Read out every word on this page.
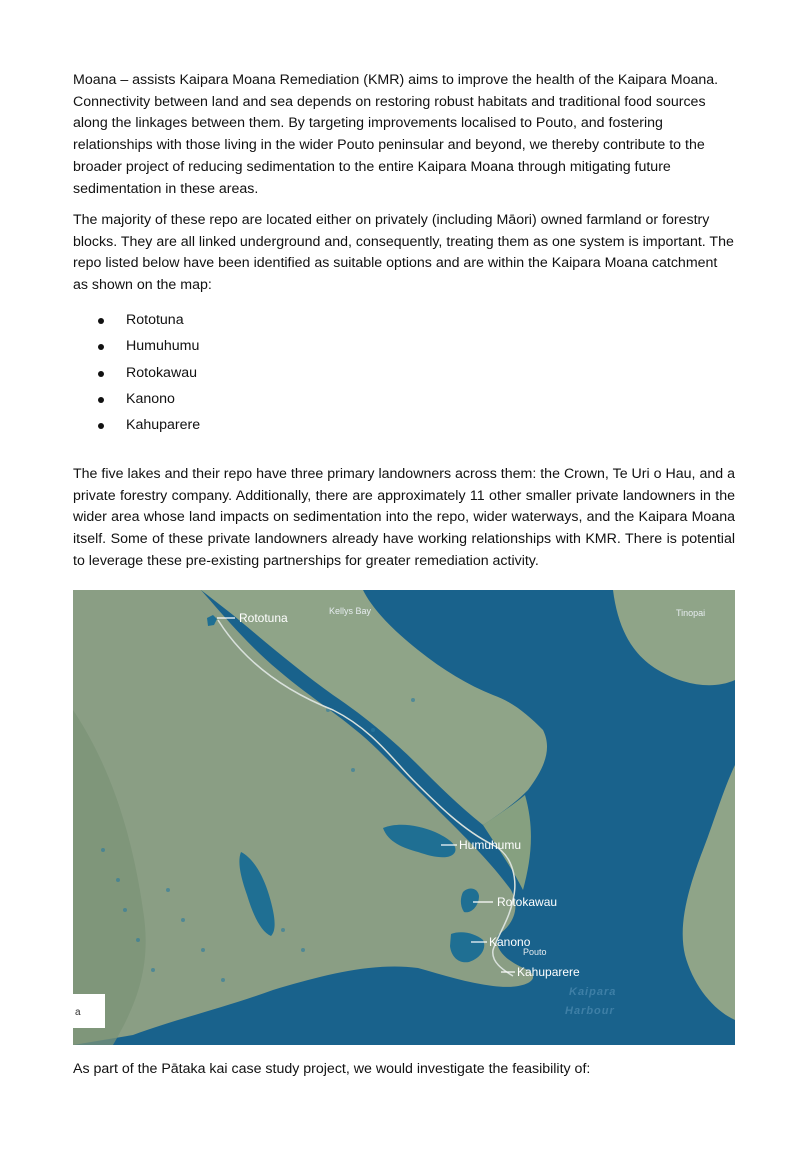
Moana – assists Kaipara Moana Remediation (KMR) aims to improve the health of the Kaipara Moana. Connectivity between land and sea depends on restoring robust habitats and traditional food sources along the linkages between them. By targeting improvements localised to Pouto, and fostering relationships with those living in the wider Pouto peninsular and beyond, we thereby contribute to the broader project of reducing sedimentation to the entire Kaipara Moana through mitigating future sedimentation in these areas.

The majority of these repo are located either on privately (including Māori) owned farmland or forestry blocks. They are all linked underground and, consequently, treating them as one system is important. The repo listed below have been identified as suitable options and are within the Kaipara Moana catchment as shown on the map:

Rototuna
Humuhumu
Rotokawau
Kanono
Kahuparere

The five lakes and their repo have three primary landowners across them: the Crown, Te Uri o Hau, and a private forestry company. Additionally, there are approximately 11 other smaller private landowners in the wider area whose land impacts on sedimentation into the repo, wider waterways, and the Kaipara Moana itself. Some of these private landowners already have working relationships with KMR. There is potential to leverage these pre-existing partnerships for greater remediation activity.

Rototuna
Humuhumu
Rotokawau
Kanono
Kahuparere
Kellys Bay	Tinopai
Pouto
Kaipara
Harbour
a

As part of the Pātaka kai case study project, we would investigate the feasibility of:
